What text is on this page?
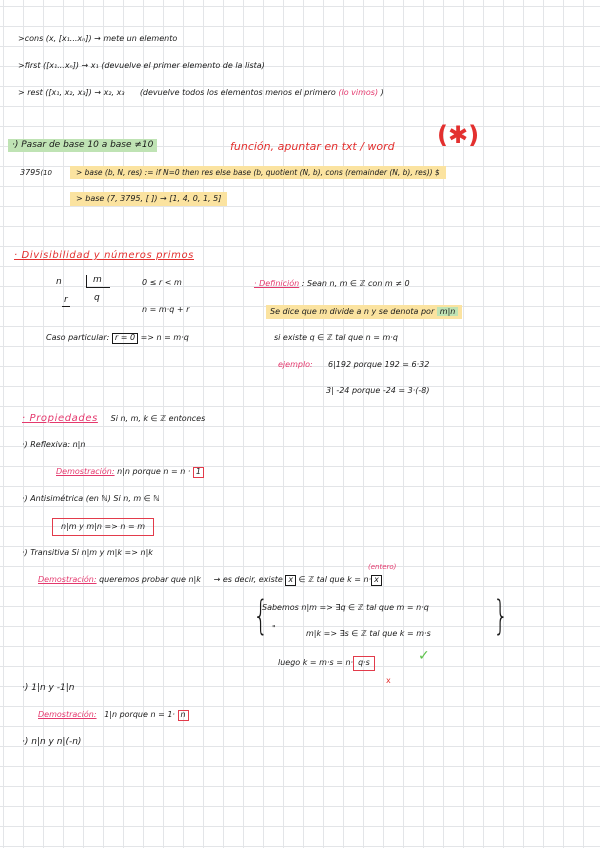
>cons (x, [x₁...xₙ]) → mete un elemento
>first ([x₁...xₙ]) → x₁ (devuelve el primer elemento de la lista)
> rest ([x₁, x₂, x₃]) → x₂, x₃ (devuelve todos los elementos menos el primero (lo vimos) )
·) Pasar de base 10 a base ≠10	función, apuntar en txt / word (✱)
3795(10	> base (b, N, res) := if N=0 then res else base (b, quotient (N, b), cons (remainder (N, b), res)) $
> base (7, 3795, [ ]) → [1, 4, 0, 1, 5]
· Divisibilidad y números primos
n	m
r	q
0 ≤ r < m
n = m·q + r
Caso particular: r = 0 => n = m·q
· Definición : Sean n, m ∈ ℤ con m ≠ 0
Se dice que m divide a n y se denota por m|n
si existe q ∈ ℤ tal que n = m·q
ejemplo: 6|192 porque 192 = 6·32
3| -24 porque -24 = 3·(-8)
· Propiedades Si n, m, k ∈ ℤ entonces
·) Reflexiva: n|n
Demostración: n|n porque n = n · 1
·) Antisimétrica (en ℕ) Si n, m ∈ ℕ
n|m y m|n => n = m
·) Transitiva Si n|m y m|k => n|k
(entero)
Demostración: queremos probar que n|k → es decir, existe x ∈ ℤ tal que k = n· x
{	}
Sabemos n|m => ∃q ∈ ℤ tal que m = n·q
"
m|k => ∃s ∈ ℤ tal que k = m·s
luego k = m·s = n· q·s
x
✓
·) 1|n y -1|n
Demostración: 1|n porque n = 1· n
·) n|n y n|(-n)
